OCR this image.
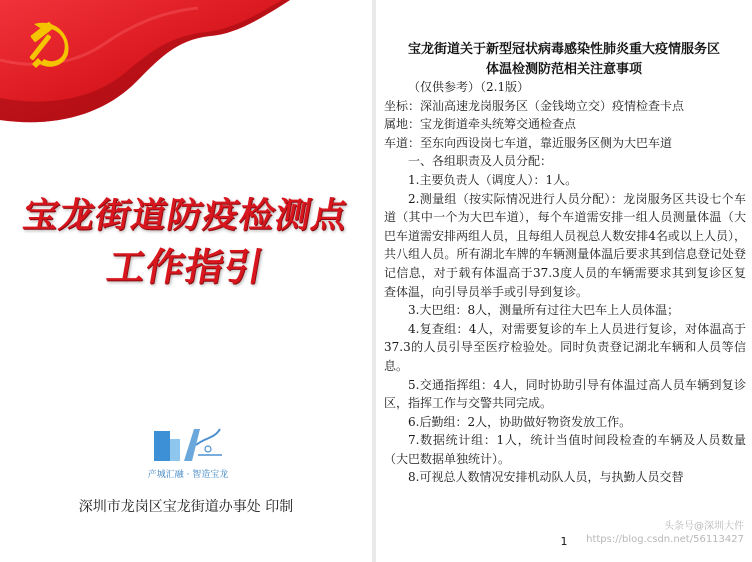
宝龙街道防疫检测点
工作指引
产城汇融 · 智造宝龙
深圳市龙岗区宝龙街道办事处 印制
宝龙街道关于新型冠状病毒感染性肺炎重大疫情服务区
体温检测防范相关注意事项

（仅供参考）（2.1版）

坐标：深汕高速龙岗服务区（金钱坳立交）疫情检查卡点

属地：宝龙街道牵头统筹交通检查点

车道：至东向西设岗七车道，靠近服务区侧为大巴车道

一、各组职责及人员分配：

1.主要负责人（调度人）：1人。

2.测量组（按实际情况进行人员分配）：龙岗服务区共设七个车道（其中一个为大巴车道），每个车道需安排一组人员测量体温（大巴车道需安排两组人员，且每组人员视总人数安排4名或以上人员），共八组人员。所有湖北车牌的车辆测量体温后要求其到信息登记处登记信息，对于载有体温高于37.3度人员的车辆需要求其到复诊区复查体温，向引导员举手或引导到复诊。

3.大巴组：8人，测量所有过往大巴车上人员体温；

4.复查组：4人，对需要复诊的车上人员进行复诊，对体温高于37.3的人员引导至医疗检验处。同时负责登记湖北车辆和人员等信息。

5.交通指挥组：4人，同时协助引导有体温过高人员车辆到复诊区，指挥工作与交警共同完成。

6.后勤组：2人，协助做好物资发放工作。

7.数据统计组：1人，统计当值时间段检查的车辆及人员数量（大巴数据单独统计）。

8.可视总人数情况安排机动队人员，与执勤人员交替

1
头条号@深圳大件
https://blog.csdn.net/56113427
